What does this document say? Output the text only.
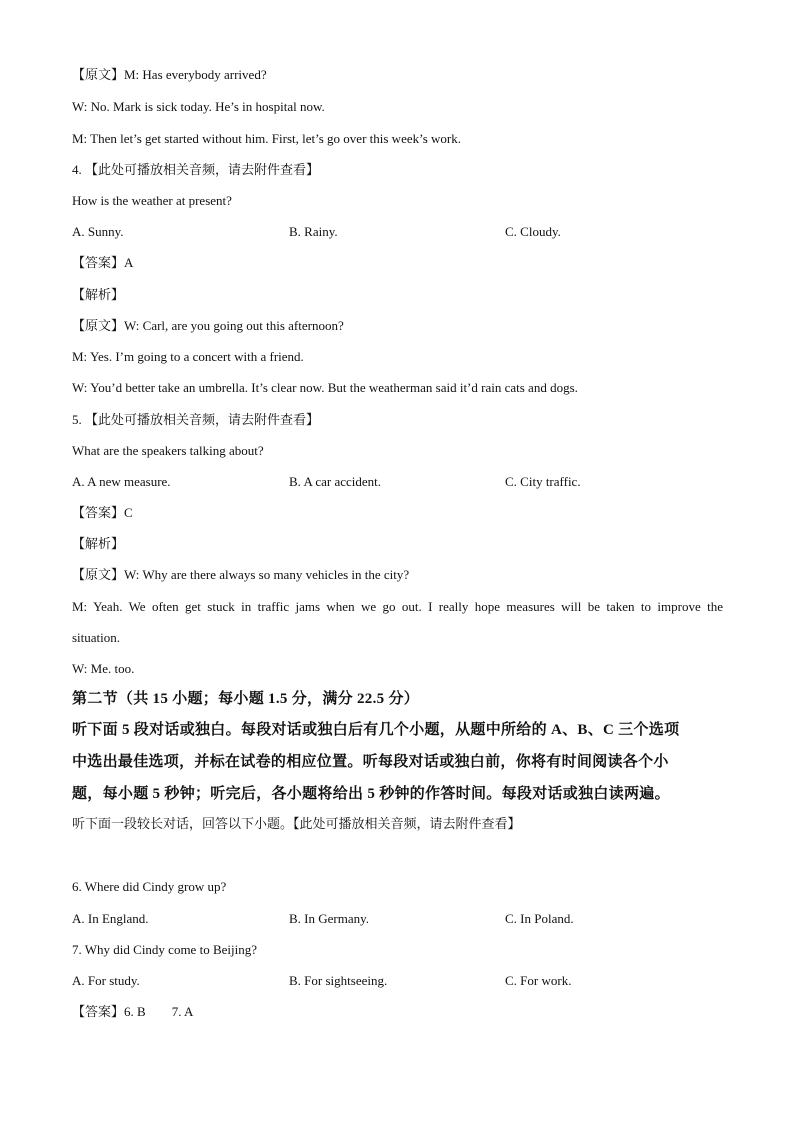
【原文】M: Has everybody arrived?
W: No. Mark is sick today. He’s in hospital now.
M: Then let’s get started without him. First, let’s go over this week’s work.
4. 【此处可播放相关音频，请去附件查看】
How is the weather at present?
A. Sunny.	B. Rainy.	C. Cloudy.
【答案】A
【解析】
【原文】W: Carl, are you going out this afternoon?
M: Yes. I’m going to a concert with a friend.
W: You’d better take an umbrella. It’s clear now. But the weatherman said it’d rain cats and dogs.
5. 【此处可播放相关音频，请去附件查看】
What are the speakers talking about?
A. A new measure.	B. A car accident.	C. City traffic.
【答案】C
【解析】
【原文】W: Why are there always so many vehicles in the city?
M: Yeah. We often get stuck in traffic jams when we go out. I really hope measures will be taken to improve the
situation.
W: Me. too.
第二节（共 15 小题；每小题 1.5 分，满分 22.5 分）
听下面 5 段对话或独白。每段对话或独白后有几个小题，从题中所给的 A、B、C 三个选项
中选出最佳选项，并标在试卷的相应位置。听每段对话或独白前，你将有时间阅读各个小
题，每小题 5 秒钟；听完后，各小题将给出 5 秒钟的作答时间。每段对话或独白读两遍。
听下面一段较长对话，回答以下小题。【此处可播放相关音频，请去附件查看】
6. Where did Cindy grow up?
A. In England.	B. In Germany.	C. In Poland.
7. Why did Cindy come to Beijing?
A. For study.	B. For sightseeing.	C. For work.
【答案】6. B 7. A
